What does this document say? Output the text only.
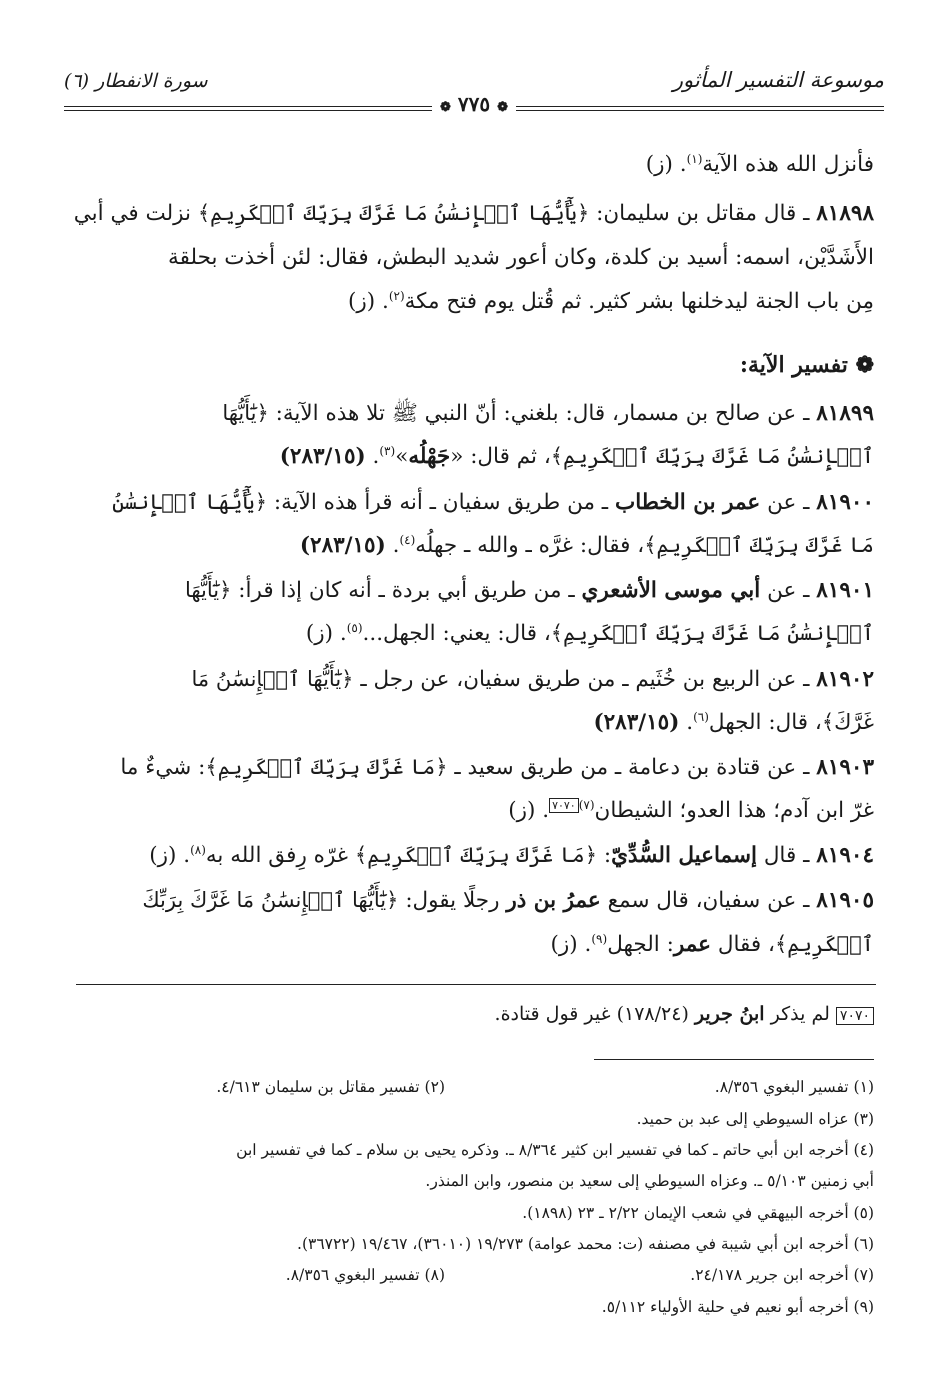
موسوعة التفسير المأثور
سورة الانفطار (٦)
❁ ٧٧٥ ❁
فأنزل الله هذه الآية$^{(١)}$. (ز)
٨١٨٩٨ ـ قال مقاتل بن سليمان: ﴿يَٰٓأَيُّهَا ٱلۡإِنسَٰنُ مَا غَرَّكَ بِرَبِّكَ ٱلۡكَرِيمِ﴾ نزلت في أبي
الأَشَدَّيْن، اسمه: أسيد بن كلدة، وكان أعور شديد البطش، فقال: لئن أخذت بحلقة
مِن باب الجنة ليدخلنها بشر كثير. ثم قُتل يوم فتح مكة$^{(٢)}$. (ز)
❁ تفسير الآية:
٨١٨٩٩ ـ عن صالح بن مسمار، قال: بلغني: أنّ النبي ﷺ تلا هذه الآية: ﴿يَٰٓأَيُّهَا
ٱلۡإِنسَٰنُ مَا غَرَّكَ بِرَبِّكَ ٱلۡكَرِيمِ﴾، ثم قال: «جَهْلُه»$^{(٣)}$. (٢٨٣/١٥)
٨١٩٠٠ ـ عن عمر بن الخطاب ـ من طريق سفيان ـ أنه قرأ هذه الآية: ﴿يَٰٓأَيُّهَا ٱلۡإِنسَٰنُ
مَا غَرَّكَ بِرَبِّكَ ٱلۡكَرِيمِ﴾، فقال: غرَّه ـ والله ـ جهلُه$^{(٤)}$. (٢٨٣/١٥)
٨١٩٠١ ـ عن أبي موسى الأشعري ـ من طريق أبي بردة ـ أنه كان إذا قرأ: ﴿يَٰٓأَيُّهَا
ٱلۡإِنسَٰنُ مَا غَرَّكَ بِرَبِّكَ ٱلۡكَرِيمِ﴾، قال: يعني: الجهل...$^{(٥)}$. (ز)
٨١٩٠٢ ـ عن الربيع بن خُثَيم ـ من طريق سفيان، عن رجل ـ ﴿يَٰٓأَيُّهَا ٱلۡإِنسَٰنُ مَا
غَرَّكَ﴾، قال: الجهل$^{(٦)}$. (٢٨٣/١٥)
٨١٩٠٣ ـ عن قتادة بن دعامة ـ من طريق سعيد ـ ﴿مَا غَرَّكَ بِرَبِّكَ ٱلۡكَرِيمِ﴾: شيءٌ ما
غرّ ابن آدم؛ هذا العدو؛ الشيطان$^{(٧)٧٠٧٠}$. (ز)
٨١٩٠٤ ـ قال إسماعيل السُّدِّيّ: ﴿مَا غَرَّكَ بِرَبِّكَ ٱلۡكَرِيمِ﴾ غرّه رِفق الله به$^{(٨)}$. (ز)
٨١٩٠٥ ـ عن سفيان، قال سمع عمرُ بن ذر رجلًا يقول: ﴿يَٰٓأَيُّهَا ٱلۡإِنسَٰنُ مَا غَرَّكَ بِرَبِّكَ
ٱلۡكَرِيمِ﴾، فقال عمر: الجهل$^{(٩)}$. (ز)
٧٠٧٠ لم يذكر ابنُ جرير (١٧٨/٢٤) غير قول قتادة.
(١) تفسير البغوي ٨/٣٥٦.
(٢) تفسير مقاتل بن سليمان ٤/٦١٣.
(٣) عزاه السيوطي إلى عبد بن حميد.
(٤) أخرجه ابن أبي حاتم ـ كما في تفسير ابن كثير ٨/٣٦٤ ـ. وذكره يحيى بن سلام ـ كما في تفسير ابن
أبي زمنين ٥/١٠٣ ـ. وعزاه السيوطي إلى سعيد بن منصور، وابن المنذر.
(٥) أخرجه البيهقي في شعب الإيمان ٢/٢٢ ـ ٢٣ (١٨٩٨).
(٦) أخرجه ابن أبي شيبة في مصنفه (ت: محمد عوامة) ١٩/٢٧٣ (٣٦٠١٠)، ١٩/٤٦٧ (٣٦٧٢٢).
(٧) أخرجه ابن جرير ٢٤/١٧٨.
(٨) تفسير البغوي ٨/٣٥٦.
(٩) أخرجه أبو نعيم في حلية الأولياء ٥/١١٢.
